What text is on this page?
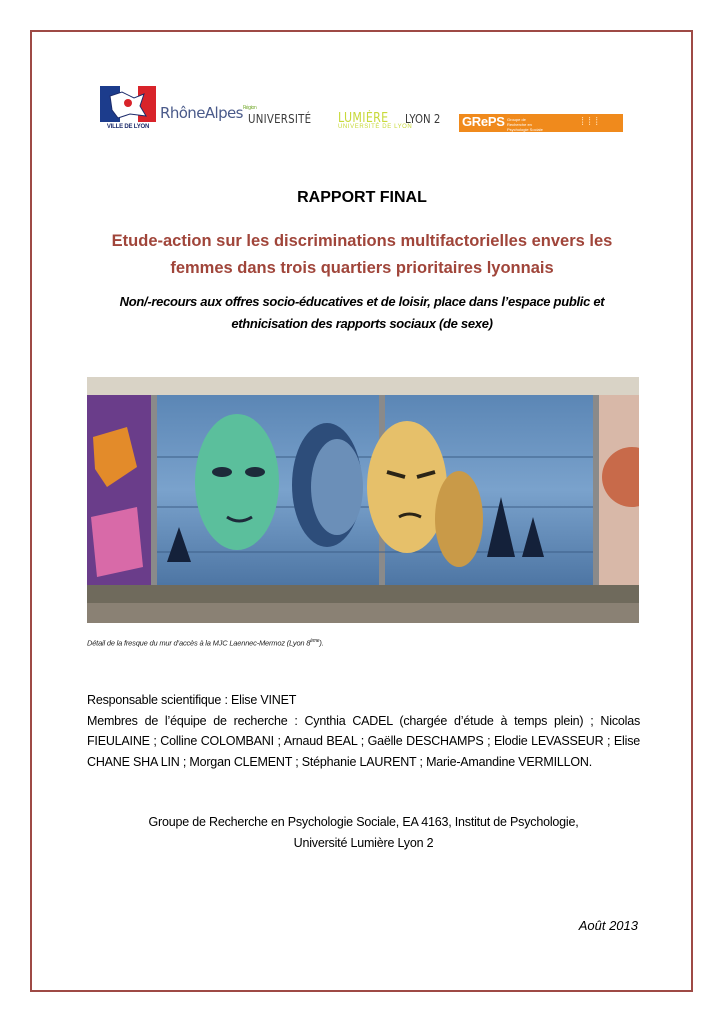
VILLE DE LYON
RhôneAlpes$^{Région}$
UNIVERSITÉ LUMIÈRE
UNIVERSITÉ DE LYON
LYON 2 GRePS Groupe de Recherche en Psychologie Sociale
⁞⁞⁞
RAPPORT FINAL
Etude-action sur les discriminations multifactorielles envers les
femmes dans trois quartiers prioritaires lyonnais
Non/-recours aux offres socio-éducatives et de loisir, place dans l’espace public et
ethnicisation des rapports sociaux (de sexe)
Détail de la fresque du mur d’accès à la MJC Laennec-Mermoz (Lyon 8ème).
Responsable scientifique : Elise VINET
Membres de l’équipe de recherche : Cynthia CADEL (chargée d’étude à temps plein) ; Nicolas FIEULAINE ; Colline COLOMBANI ; Arnaud BEAL ; Gaëlle DESCHAMPS ; Elodie LEVASSEUR ; Elise CHANE SHA LIN ; Morgan CLEMENT ; Stéphanie LAURENT ; Marie-Amandine VERMILLON.
Groupe de Recherche en Psychologie Sociale, EA 4163, Institut de Psychologie,
Université Lumière Lyon 2
Août 2013
